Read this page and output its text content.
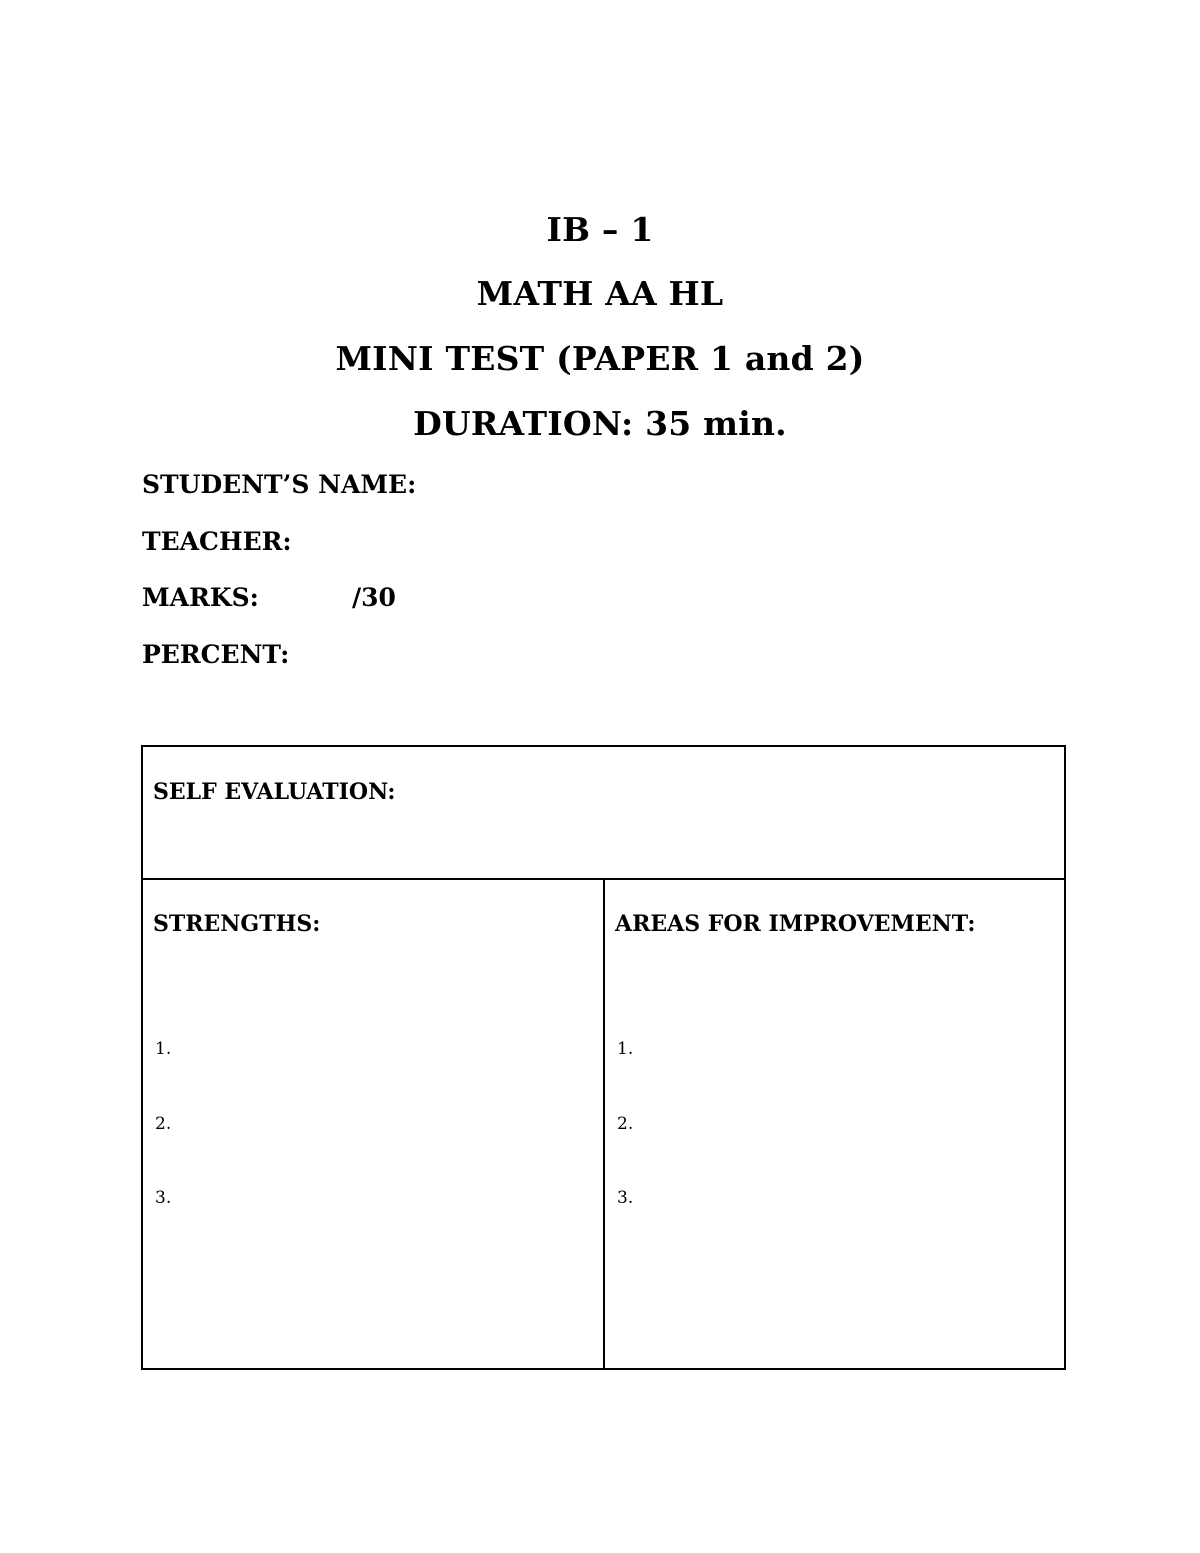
IB – 1
MATH AA HL
MINI TEST (PAPER 1 and 2)
DURATION: 35 min.
STUDENT’S NAME:
TEACHER:
MARKS:	/30
PERCENT:
SELF EVALUATION:
STRENGTHS:
1.
2.
3.
AREAS FOR IMPROVEMENT:
1.
2.
3.
